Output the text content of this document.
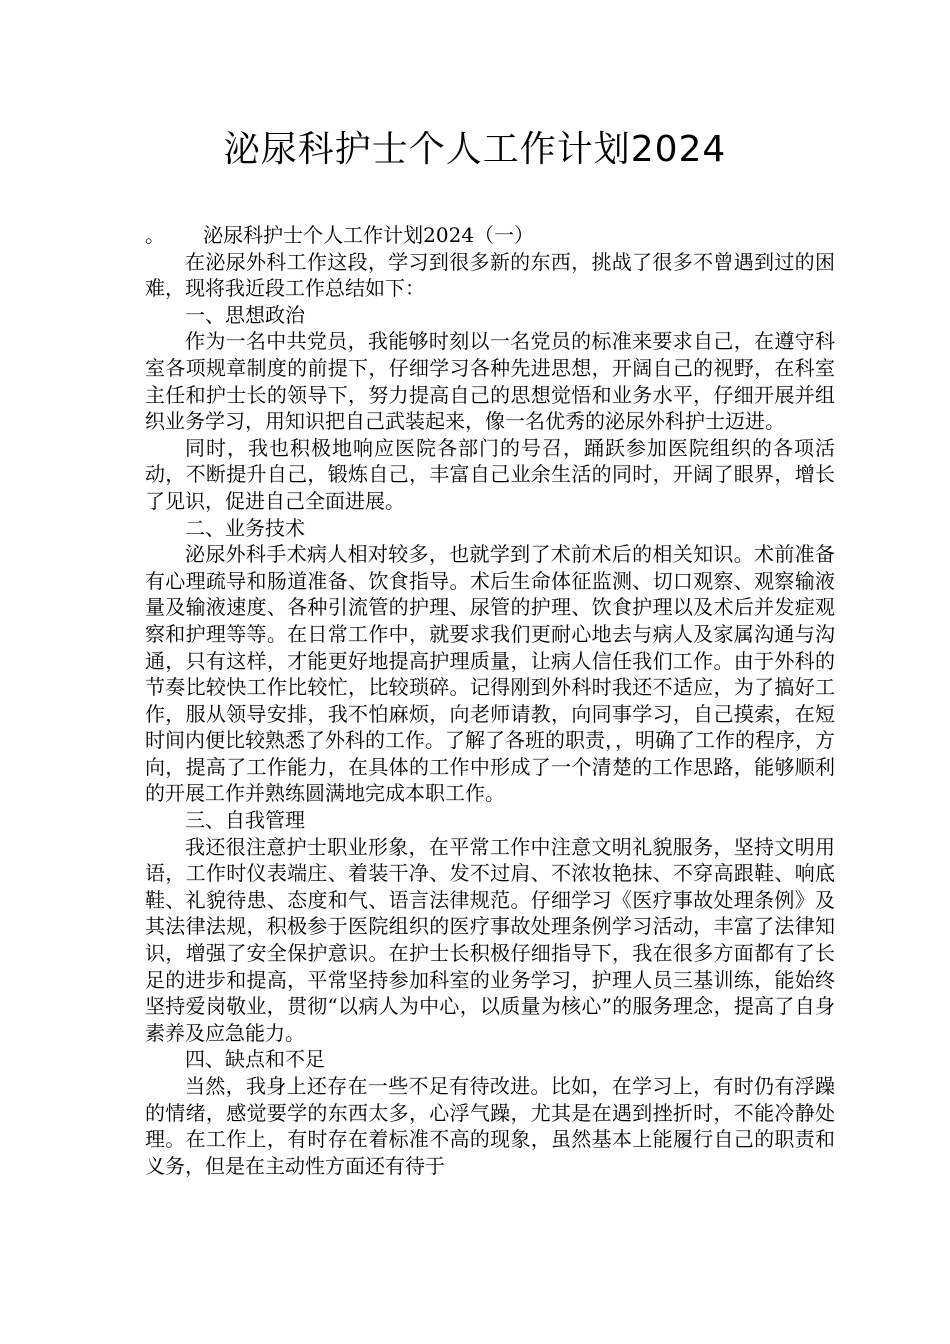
泌尿科护士个人工作计划2024

。      泌尿科护士个人工作计划2024（一）

在泌尿外科工作这段，学习到很多新的东西，挑战了很多不曾遇到过的困难，现将我近段工作总结如下：

一、思想政治

作为一名中共党员，我能够时刻以一名党员的标准来要求自己，在遵守科室各项规章制度的前提下，仔细学习各种先进思想，开阔自己的视野，在科室主任和护士长的领导下，努力提高自己的思想觉悟和业务水平，仔细开展并组织业务学习，用知识把自己武装起来，像一名优秀的泌尿外科护士迈进。

同时，我也积极地响应医院各部门的号召，踊跃参加医院组织的各项活动，不断提升自己，锻炼自己，丰富自己业余生活的同时，开阔了眼界，增长了见识，促进自己全面进展。

二、业务技术

泌尿外科手术病人相对较多，也就学到了术前术后的相关知识。术前准备有心理疏导和肠道准备、饮食指导。术后生命体征监测、切口观察、观察输液量及输液速度、各种引流管的护理、尿管的护理、饮食护理以及术后并发症观察和护理等等。在日常工作中，就要求我们更耐心地去与病人及家属沟通与沟通，只有这样，才能更好地提高护理质量，让病人信任我们工作。由于外科的节奏比较快工作比较忙，比较琐碎。记得刚到外科时我还不适应，为了搞好工作，服从领导安排，我不怕麻烦，向老师请教，向同事学习，自己摸索，在短时间内便比较熟悉了外科的工作。了解了各班的职责，，明确了工作的程序，方向，提高了工作能力，在具体的工作中形成了一个清楚的工作思路，能够顺利的开展工作并熟练圆满地完成本职工作。

三、自我管理

我还很注意护士职业形象，在平常工作中注意文明礼貌服务，坚持文明用语，工作时仪表端庄、着装干净、发不过肩、不浓妆艳抹、不穿高跟鞋、响底鞋、礼貌待患、态度和气、语言法律规范。仔细学习《医疗事故处理条例》及其法律法规，积极参于医院组织的医疗事故处理条例学习活动，丰富了法律知识，增强了安全保护意识。在护士长积极仔细指导下，我在很多方面都有了长足的进步和提高，平常坚持参加科室的业务学习，护理人员三基训练，能始终坚持爱岗敬业，贯彻“以病人为中心，以质量为核心”的服务理念，提高了自身素养及应急能力。

四、缺点和不足

当然，我身上还存在一些不足有待改进。比如，在学习上，有时仍有浮躁的情绪，感觉要学的东西太多，心浮气躁，尤其是在遇到挫折时，不能冷静处理。在工作上，有时存在着标准不高的现象，虽然基本上能履行自己的职责和义务，但是在主动性方面还有待于
